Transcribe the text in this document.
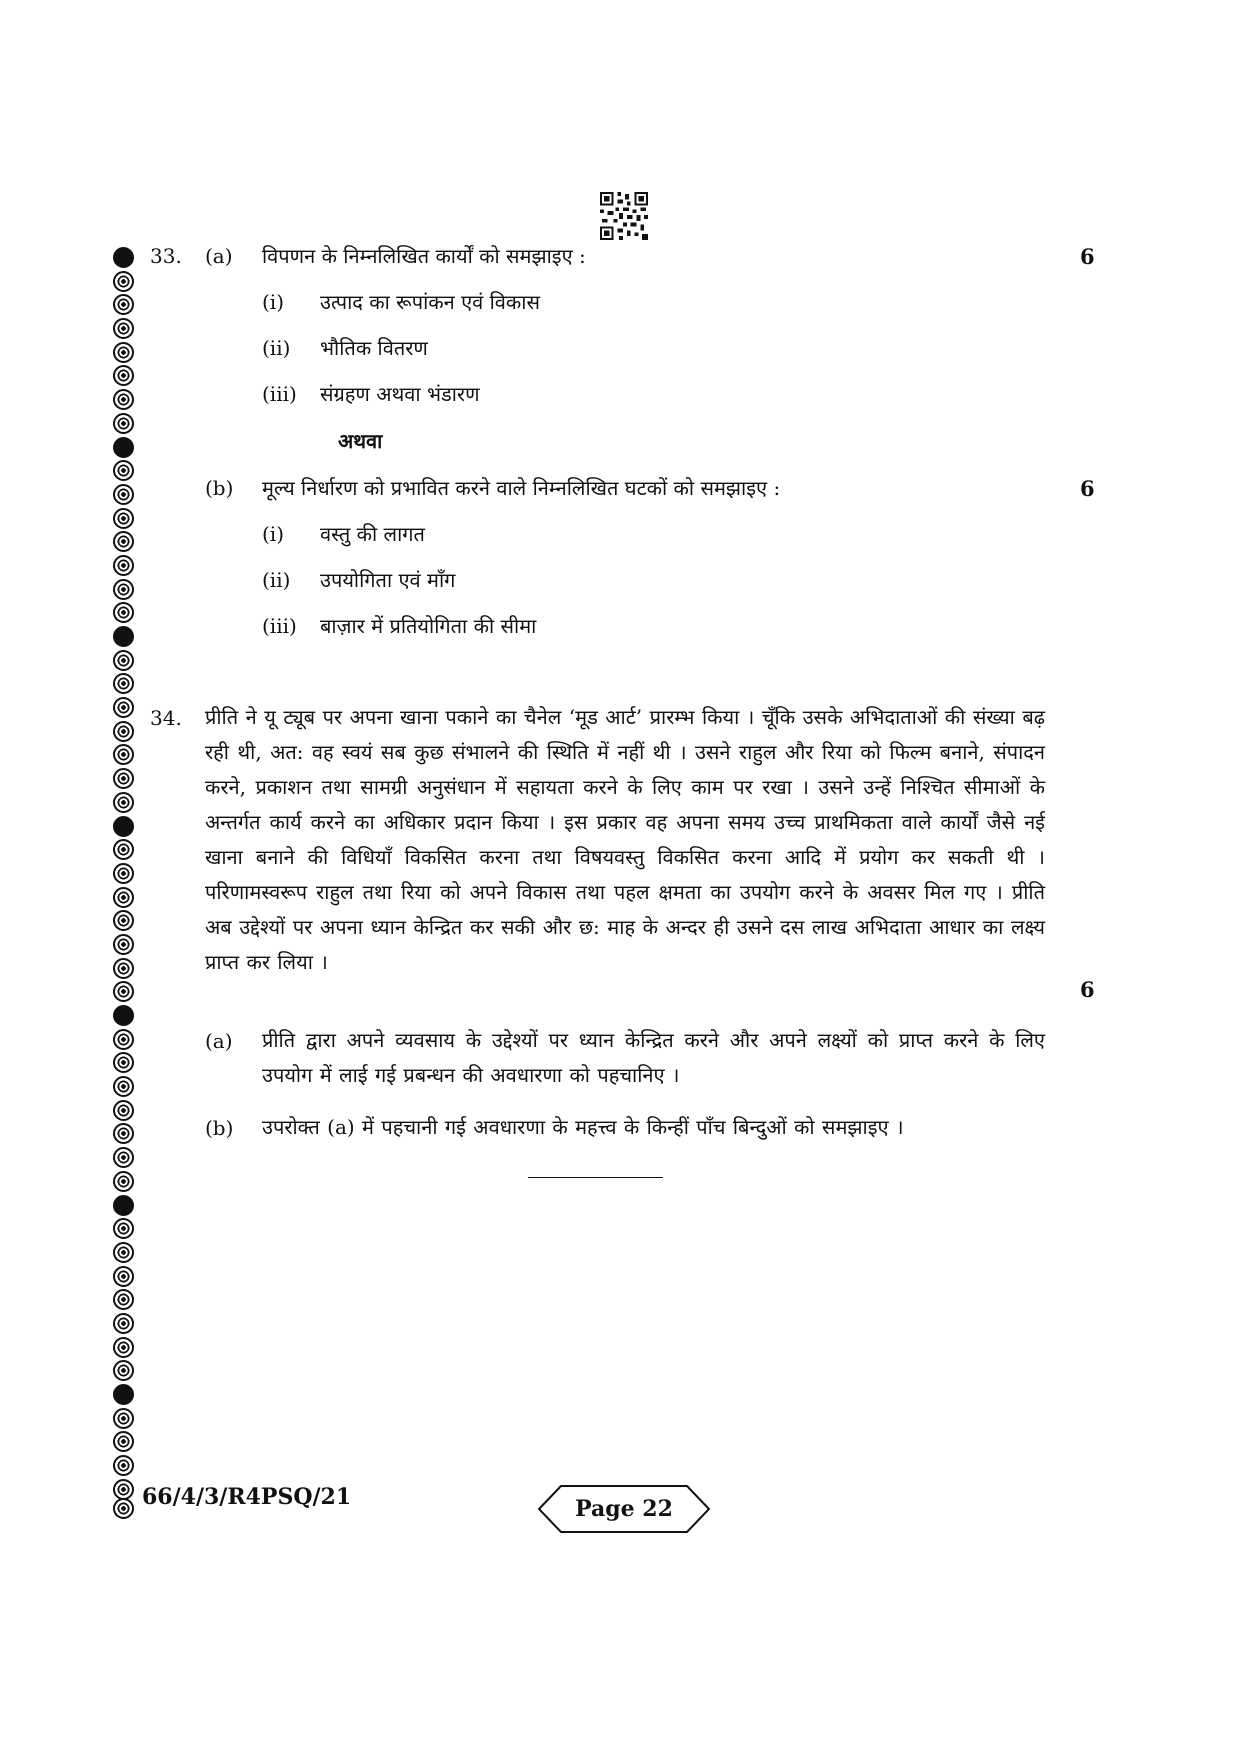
33. (a) विपणन के निम्नलिखित कार्यों को समझाइए :	6
(i) उत्पाद का रूपांकन एवं विकास
(ii) भौतिक वितरण
(iii) संग्रहण अथवा भंडारण
अथवा
(b) मूल्य निर्धारण को प्रभावित करने वाले निम्नलिखित घटकों को समझाइए :	6
(i) वस्तु की लागत
(ii) उपयोगिता एवं माँग
(iii) बाज़ार में प्रतियोगिता की सीमा
34. प्रीति ने यू ट्यूब पर अपना खाना पकाने का चैनेल ‘मूड आर्ट’ प्रारम्भ किया । चूँकि उसके अभिदाताओं की संख्या बढ़ रही थी, अत: वह स्वयं सब कुछ संभालने की स्थिति में नहीं थी । उसने राहुल और रिया को फिल्म बनाने, संपादन करने, प्रकाशन तथा सामग्री अनुसंधान में सहायता करने के लिए काम पर रखा । उसने उन्हें निश्चित सीमाओं के अन्तर्गत कार्य करने का अधिकार प्रदान किया । इस प्रकार वह अपना समय उच्च प्राथमिकता वाले कार्यों जैसे नई खाना बनाने की विधियाँ विकसित करना तथा विषयवस्तु विकसित करना आदि में प्रयोग कर सकती थी । परिणामस्वरूप राहुल तथा रिया को अपने विकास तथा पहल क्षमता का उपयोग करने के अवसर मिल गए । प्रीति अब उद्देश्यों पर अपना ध्यान केन्द्रित कर सकी और छ: माह के अन्दर ही उसने दस लाख अभिदाता आधार का लक्ष्य प्राप्त कर लिया ।
6
(a) प्रीति द्वारा अपने व्यवसाय के उद्देश्यों पर ध्यान केन्द्रित करने और अपने लक्ष्यों को प्राप्त करने के लिए उपयोग में लाई गई प्रबन्धन की अवधारणा को पहचानिए ।
(b) उपरोक्त (a) में पहचानी गई अवधारणा के महत्त्व के किन्हीं पाँच बिन्दुओं को समझाइए ।
66/4/3/R4PSQ/21	Page 22
